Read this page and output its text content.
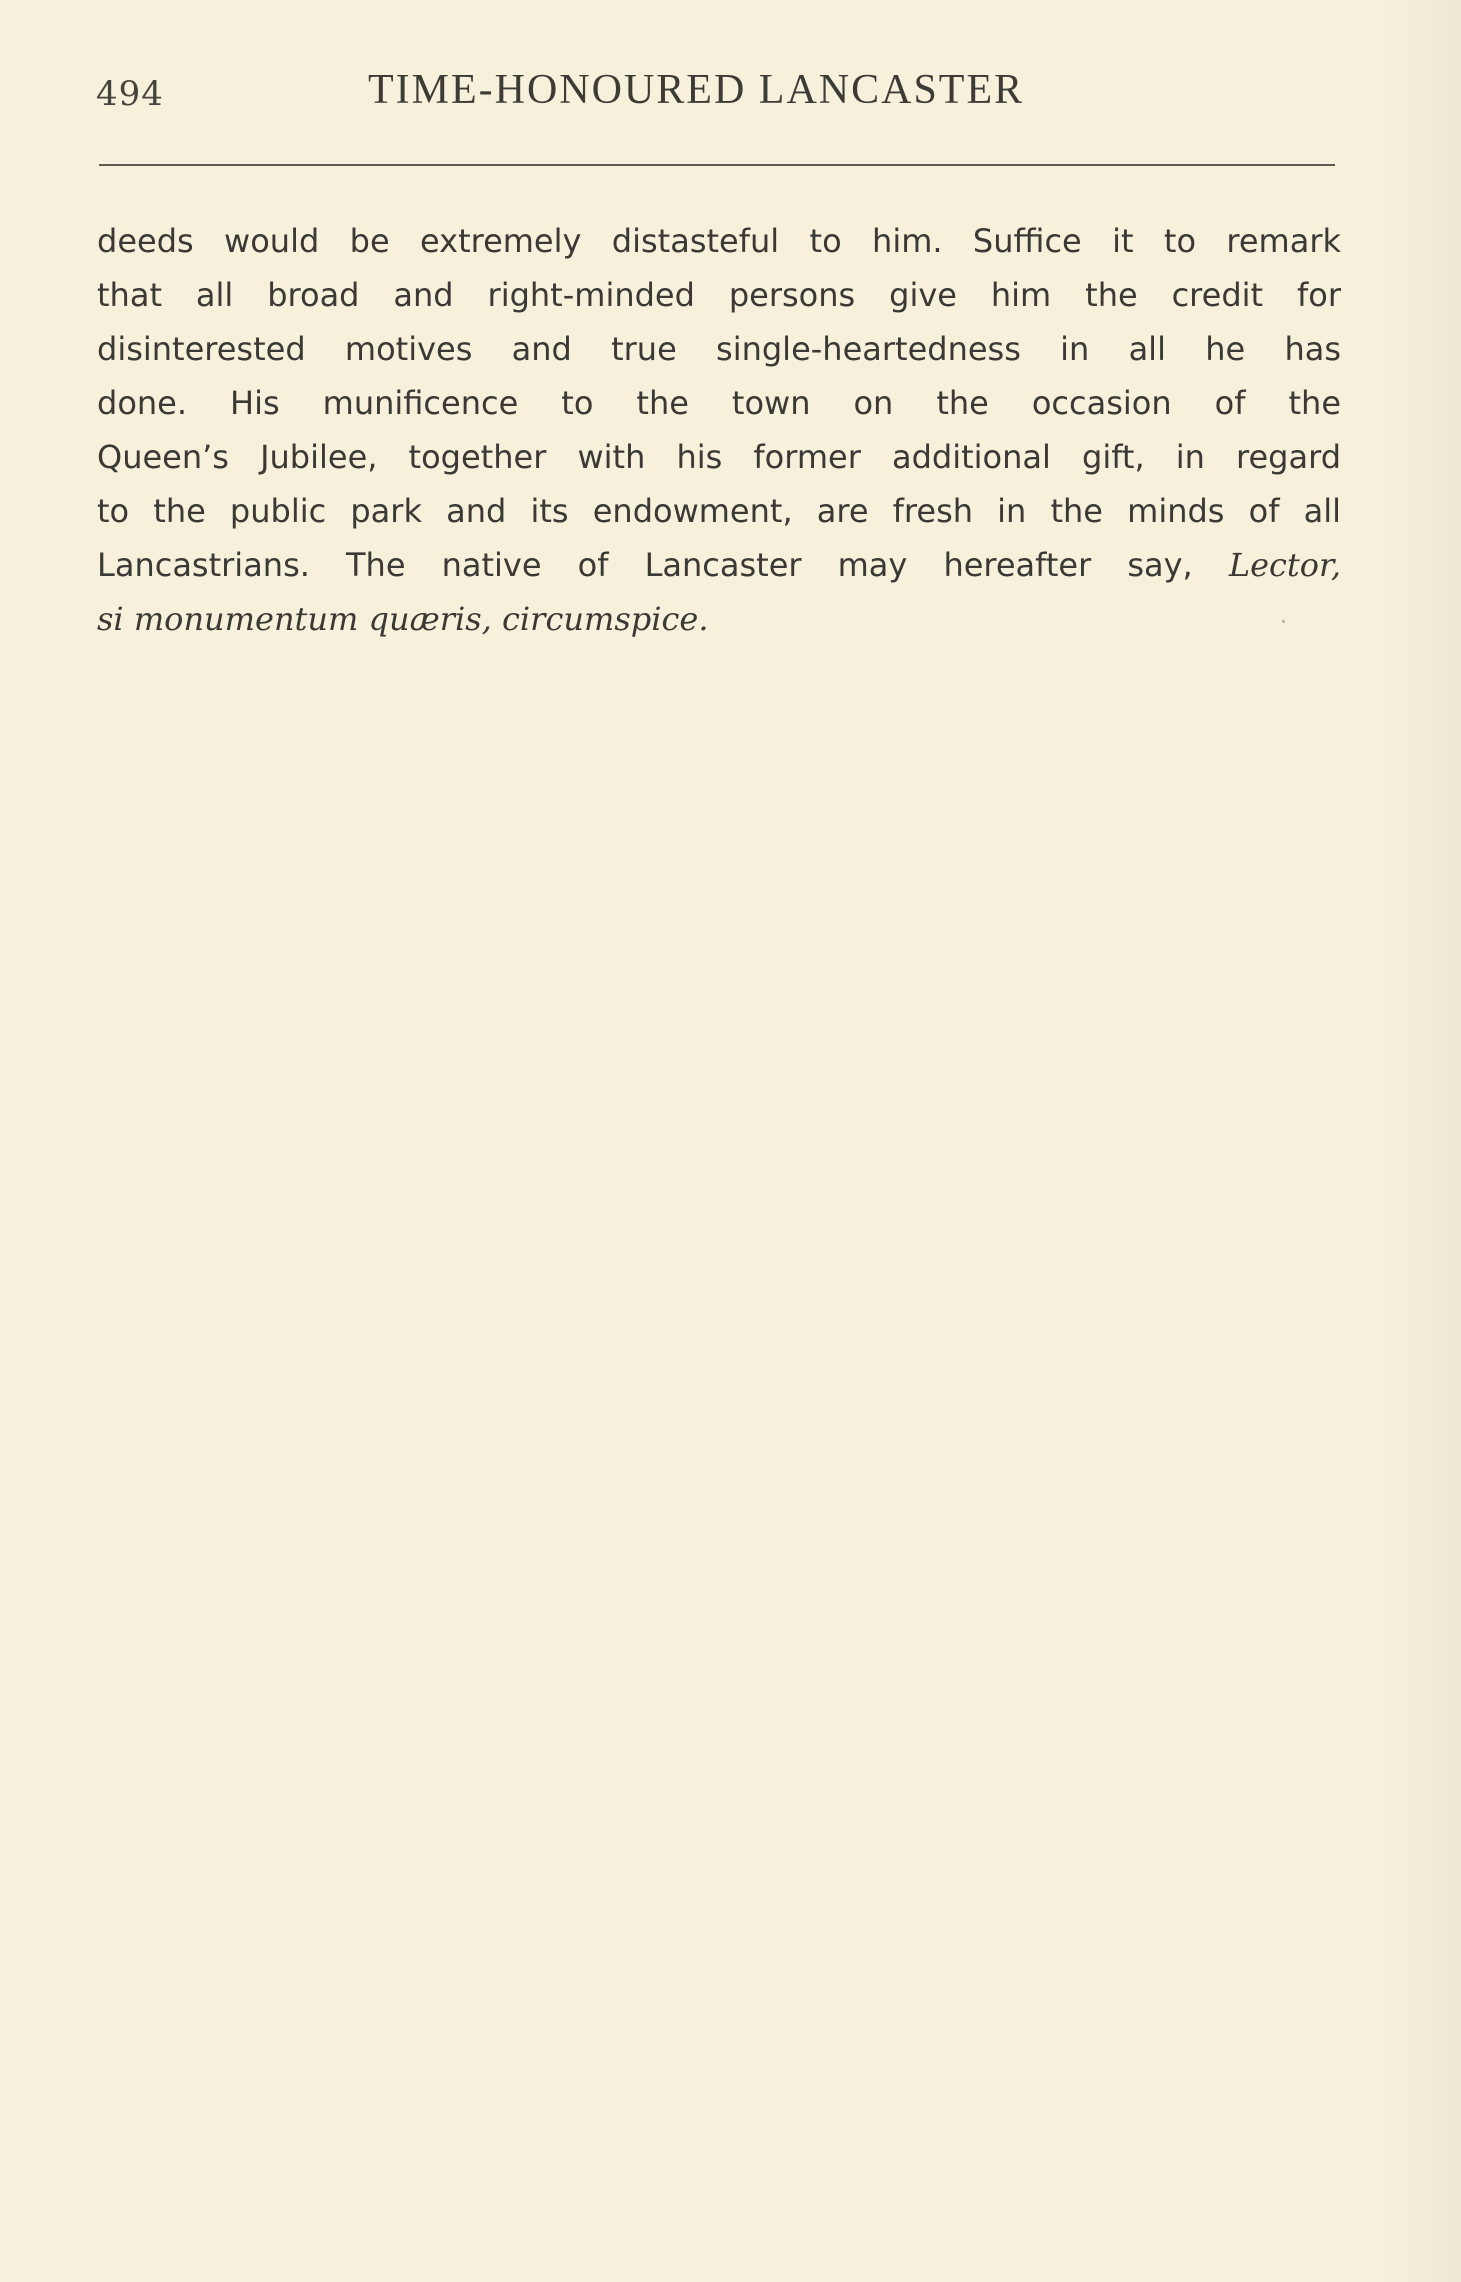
494	TIME-HONOURED LANCASTER
deeds would be extremely distasteful to him. Suffice it to remark
that all broad and right-minded persons give him the credit for
disinterested motives and true single-heartedness in all he has
done. His munificence to the town on the occasion of the
Queen’s Jubilee, together with his former additional gift, in regard
to the public park and its endowment, are fresh in the minds of all
Lancastrians. The native of Lancaster may hereafter say, Lector,
si monumentum quæris, circumspice.
